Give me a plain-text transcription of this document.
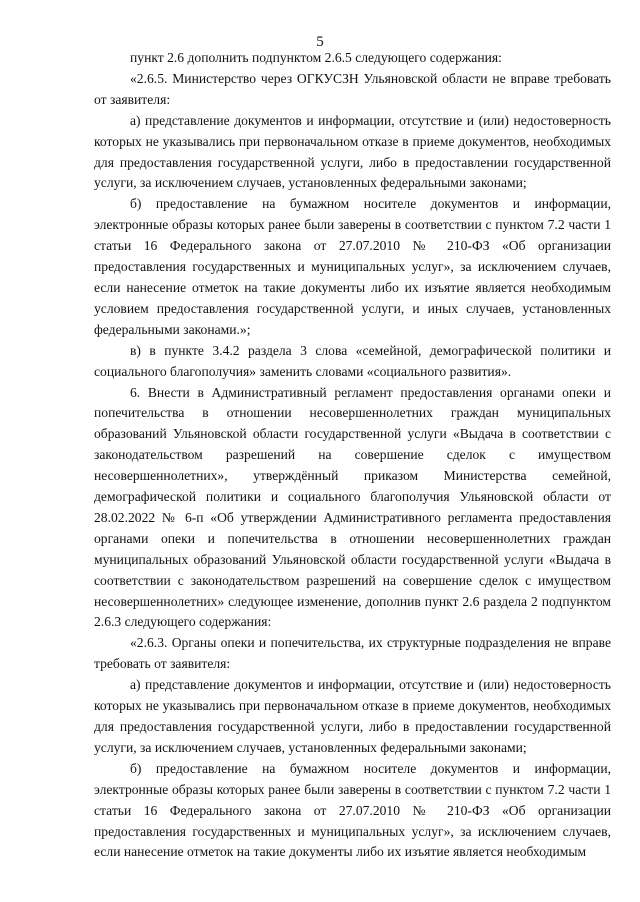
5

пункт 2.6 дополнить подпунктом 2.6.5 следующего содержания:

«2.6.5. Министерство через ОГКУСЗН Ульяновской области не вправе требовать от заявителя:

а) представление документов и информации, отсутствие и (или) недостоверность которых не указывались при первоначальном отказе в приеме документов, необходимых для предоставления государственной услуги, либо в предоставлении государственной услуги, за исключением случаев, установленных федеральными законами;

б) предоставление на бумажном носителе документов и информации, электронные образы которых ранее были заверены в соответствии с пунктом 7.2 части 1 статьи 16 Федерального закона от 27.07.2010 № 210-ФЗ «Об организации предоставления государственных и муниципальных услуг», за исключением случаев, если нанесение отметок на такие документы либо их изъятие является необходимым условием предоставления государственной услуги, и иных случаев, установленных федеральными законами.»;

в) в пункте 3.4.2 раздела 3 слова «семейной, демографической политики и социального благополучия» заменить словами «социального развития».

6. Внести в Административный регламент предоставления органами опеки и попечительства в отношении несовершеннолетних граждан муниципальных образований Ульяновской области государственной услуги «Выдача в соответствии с законодательством разрешений на совершение сделок с имуществом несовершеннолетних», утверждённый приказом Министерства семейной, демографической политики и социального благополучия Ульяновской области от 28.02.2022 № 6-п «Об утверждении Административного регламента предоставления органами опеки и попечительства в отношении несовершеннолетних граждан муниципальных образований Ульяновской области государственной услуги «Выдача в соответствии с законодательством разрешений на совершение сделок с имуществом несовершеннолетних» следующее изменение, дополнив пункт 2.6 раздела 2 подпунктом 2.6.3 следующего содержания:

«2.6.3. Органы опеки и попечительства, их структурные подразделения не вправе требовать от заявителя:

а) представление документов и информации, отсутствие и (или) недостоверность которых не указывались при первоначальном отказе в приеме документов, необходимых для предоставления государственной услуги, либо в предоставлении государственной услуги, за исключением случаев, установленных федеральными законами;

б) предоставление на бумажном носителе документов и информации, электронные образы которых ранее были заверены в соответствии с пунктом 7.2 части 1 статьи 16 Федерального закона от 27.07.2010 № 210-ФЗ «Об организации предоставления государственных и муниципальных услуг», за исключением случаев, если нанесение отметок на такие документы либо их изъятие является необходимым
